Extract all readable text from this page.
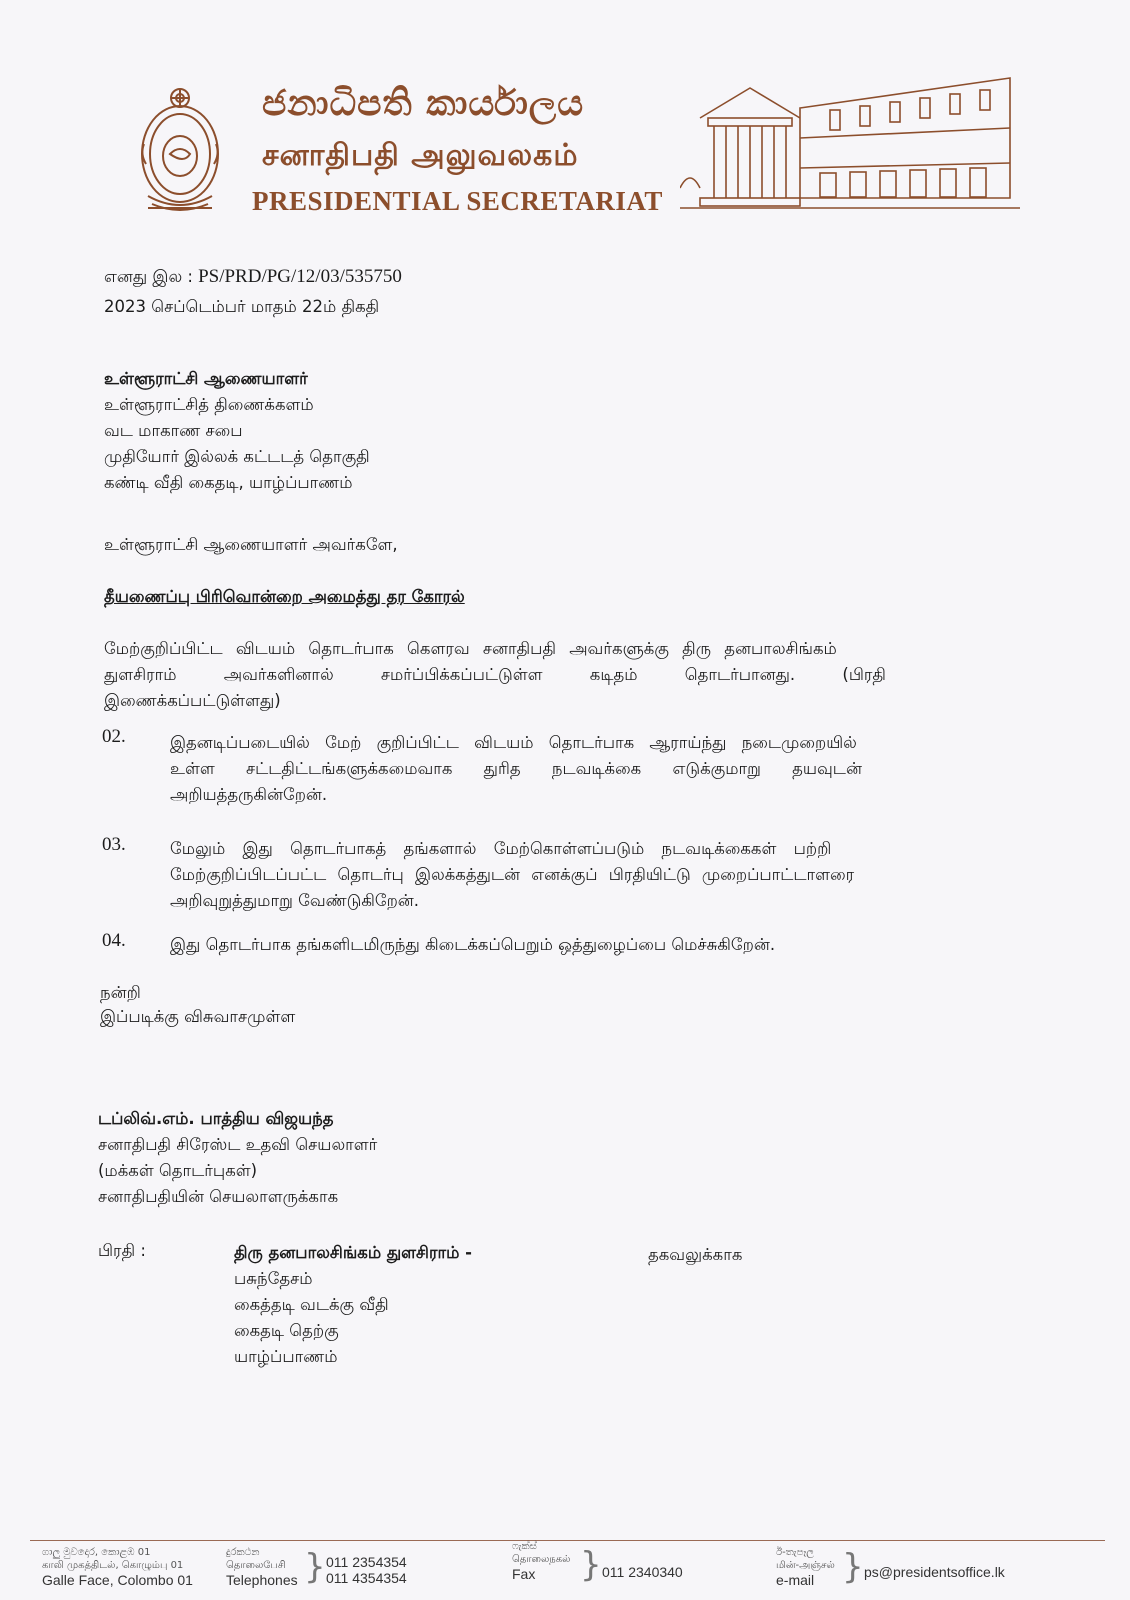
ජනාධිපති කාර්යාලය
சனாதிபதி அலுவலகம்
PRESIDENTIAL SECRETARIAT
எனது இல : PS/PRD/PG/12/03/535750
2023 செப்டெம்பர் மாதம் 22ம் திகதி
உள்ளூராட்சி ஆணையாளர்
உள்ளூராட்சித் திணைக்களம்
வட மாகாண சபை
முதியோர் இல்லக் கட்டடத் தொகுதி
கண்டி வீதி கைதடி, யாழ்ப்பாணம்
உள்ளூராட்சி ஆணையாளர் அவர்களே,
தீயணைப்பு பிரிவொன்றை அமைத்து தர கோரல்
மேற்குறிப்பிட்ட விடயம் தொடர்பாக கௌரவ சனாதிபதி அவர்களுக்கு திரு தனபாலசிங்கம்
துளசிராம் அவர்களினால் சமர்ப்பிக்கப்பட்டுள்ள கடிதம் தொடர்பானது. (பிரதி
இணைக்கப்பட்டுள்ளது)
02.	இதனடிப்படையில் மேற் குறிப்பிட்ட விடயம் தொடர்பாக ஆராய்ந்து நடைமுறையில்
உள்ள சட்டதிட்டங்களுக்கமைவாக துரித நடவடிக்கை எடுக்குமாறு தயவுடன்
அறியத்தருகின்றேன்.
03.	மேலும் இது தொடர்பாகத் தங்களால் மேற்கொள்ளப்படும் நடவடிக்கைகள் பற்றி
மேற்குறிப்பிடப்பட்ட தொடர்பு இலக்கத்துடன் எனக்குப் பிரதியிட்டு முறைப்பாட்டாளரை
அறிவுறுத்துமாறு வேண்டுகிறேன்.
04.	இது தொடர்பாக தங்களிடமிருந்து கிடைக்கப்பெறும் ஒத்துழைப்பை மெச்சுகிறேன்.
நன்றி
இப்படிக்கு விசுவாசமுள்ள
டப்லிவ்.எம். பாத்திய விஜயந்த
சனாதிபதி சிரேஸ்ட உதவி செயலாளர்
(மக்கள் தொடர்புகள்)
சனாதிபதியின் செயலாளருக்காக
பிரதி :	திரு தனபாலசிங்கம் துளசிராம் -	தகவலுக்காக
பசுந்தேசம்
கைத்தடி வடக்கு வீதி
கைதடி தெற்கு
யாழ்ப்பாணம்
ගාලු මුවදොර, කොළඹ 01
காலி முகத்திடல், கொழும்பு 01
Galle Face, Colombo 01
දුරකථන
தொலைபேசி
Telephones } 011 2354354
011 4354354
ෆැක්ස්
தொலைநகல்
Fax	} 011 2340340
ඊ-තැපෑල
மின்-அஞ்சல்
e-mail } ps@presidentsoffice.lk
